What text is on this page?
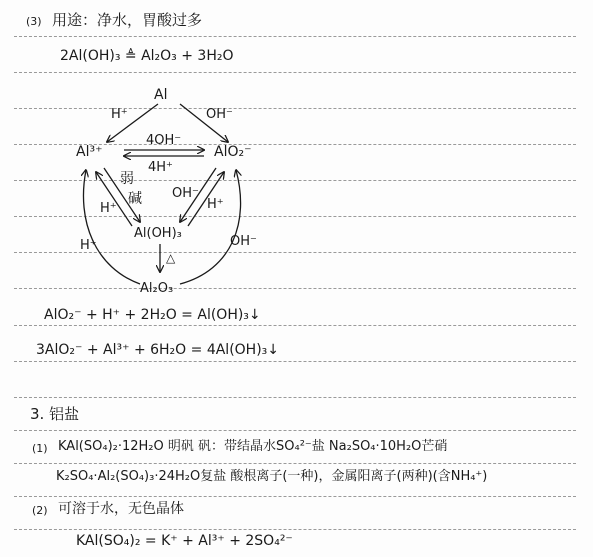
(3) 用途：净水，胃酸过多
2Al(OH)₃ ≜ Al₂O₃ + 3H₂O
Al
Al³⁺	AlO₂⁻
Al(OH)₃
Al₂O₃
H⁺	OH⁻
4OH⁻
4H⁺
弱
碱
H⁺
OH⁻
H⁺
H⁺	OH⁻
△
AlO₂⁻ + H⁺ + 2H₂O = Al(OH)₃↓
3AlO₂⁻ + Al³⁺ + 6H₂O = 4Al(OH)₃↓
3. 铝盐
(1) KAl(SO₄)₂·12H₂O 明矾 矾：带结晶水SO₄²⁻盐 Na₂SO₄·10H₂O芒硝
K₂SO₄·Al₂(SO₄)₃·24H₂O复盐 酸根离子(一种)，金属阳离子(两种)(含NH₄⁺)
(2) 可溶于水，无色晶体
KAl(SO₄)₂ = K⁺ + Al³⁺ + 2SO₄²⁻
